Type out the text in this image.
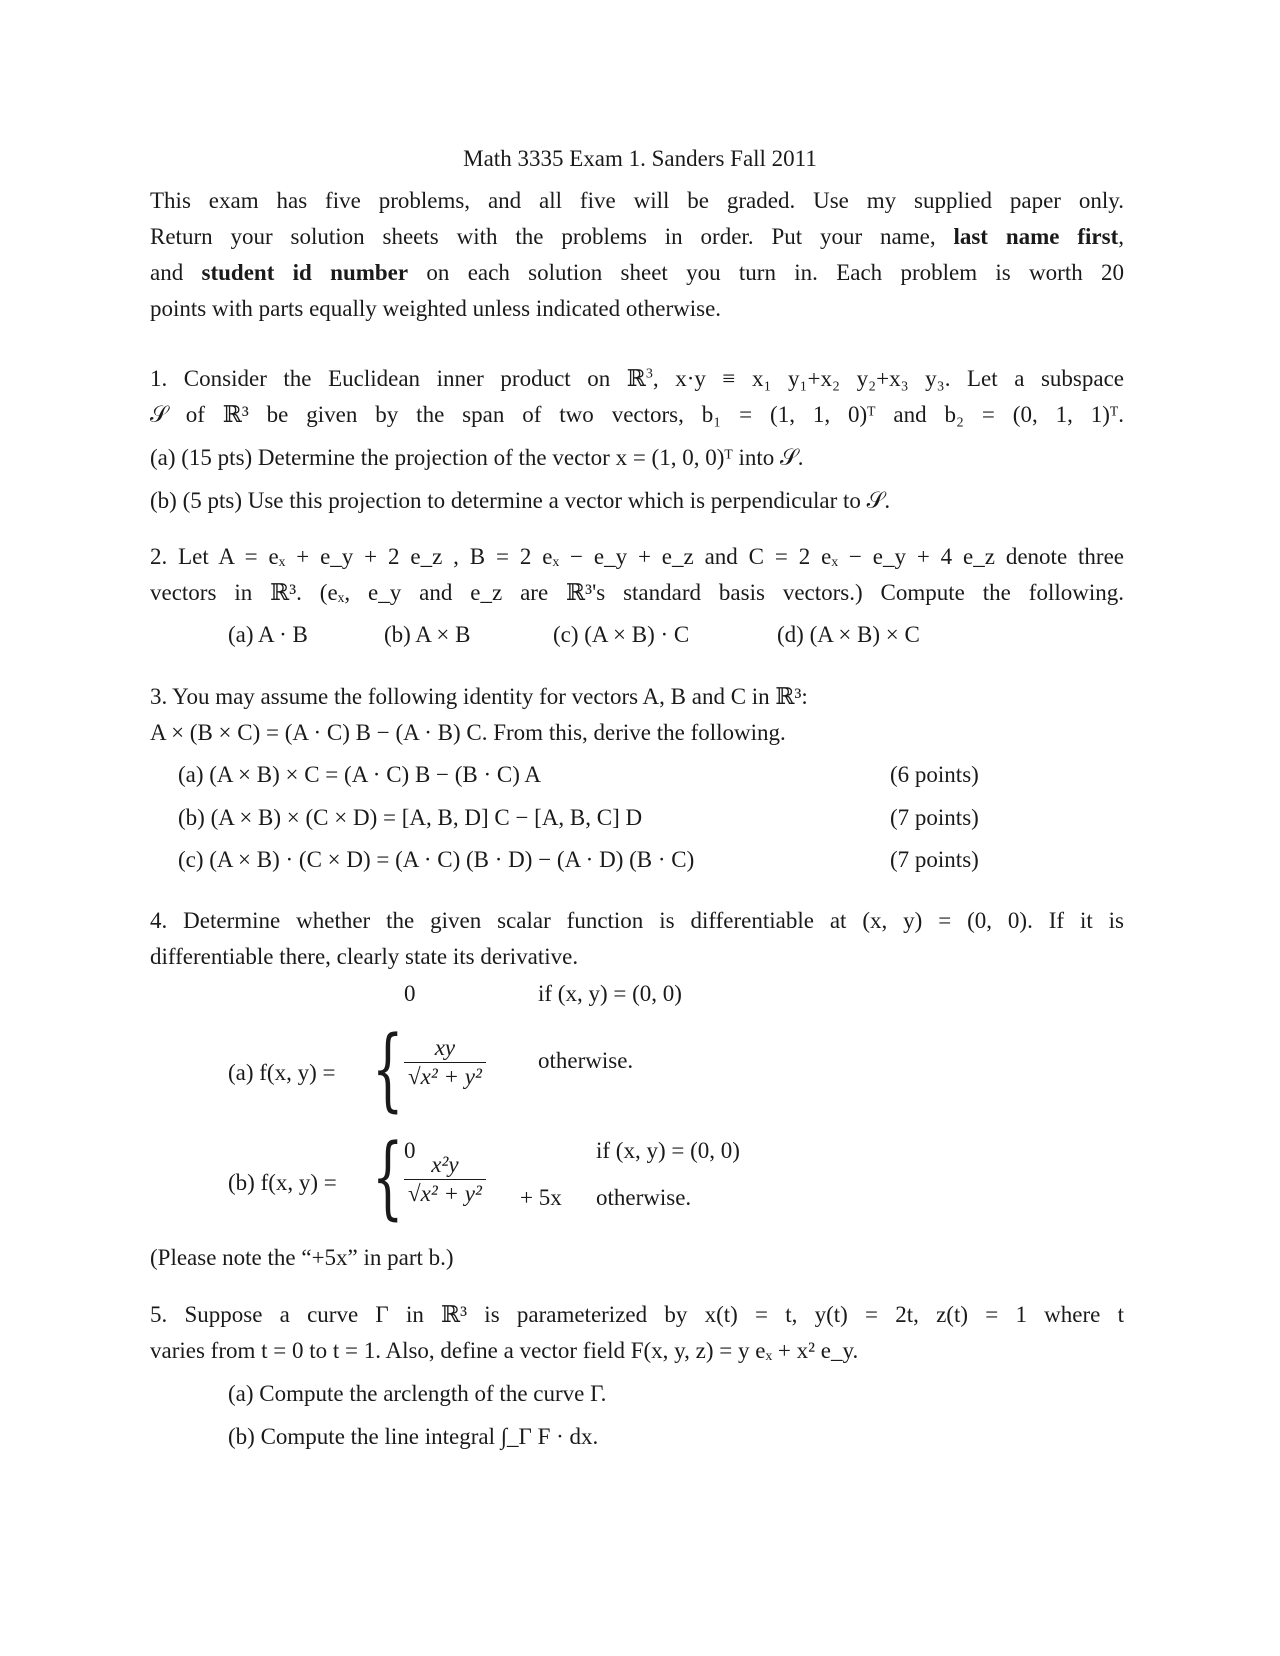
Math 3335 Exam 1. Sanders Fall 2011
This exam has five problems, and all five will be graded. Use my supplied paper only.
Return your solution sheets with the problems in order. Put your name, last name first,
and student id number on each solution sheet you turn in. Each problem is worth 20
points with parts equally weighted unless indicated otherwise.
1. Consider the Euclidean inner product on ℝ$^3$, x·y ≡ x₁ y₁+x₂ y₂+x₃ y₃. Let a subspace
𝒮 of ℝ³ be given by the span of two vectors, b₁ = (1, 1, 0)ᵀ and b₂ = (0, 1, 1)ᵀ.
(a) (15 pts) Determine the projection of the vector x = (1, 0, 0)ᵀ into 𝒮.
(b) (5 pts) Use this projection to determine a vector which is perpendicular to 𝒮.
2. Let A = eₓ + e_y + 2 e_z , B = 2 eₓ − e_y + e_z and C = 2 eₓ − e_y + 4 e_z denote three
vectors in ℝ³. (eₓ, e_y and e_z are ℝ³'s standard basis vectors.) Compute the following.
(a) A · B	(b) A × B	(c) (A × B) · C	(d) (A × B) × C
3. You may assume the following identity for vectors A, B and C in ℝ³:
A × (B × C) = (A · C) B − (A · B) C. From this, derive the following.
(a) (A × B) × C = (A · C) B − (B · C) A	(6 points)
(b) (A × B) × (C × D) = [A, B, D] C − [A, B, C] D	(7 points)
(c) (A × B) · (C × D) = (A · C) (B · D) − (A · D) (B · C)	(7 points)
4. Determine whether the given scalar function is differentiable at (x, y) = (0, 0). If it is
differentiable there, clearly state its derivative.
(a) f(x, y) = {
0	if (x, y) = (0, 0)
$\frac{xy}{\text{√x² + y²}}$ otherwise.
(b) f(x, y) = { 0	if (x, y) = (0, 0)
$\frac{\text{x²y}}{\text{√x² + y²}} + 5x$ otherwise.
(Please note the “+5x” in part b.)
5. Suppose a curve Γ in ℝ³ is parameterized by x(t) = t, y(t) = 2t, z(t) = 1 where t
varies from t = 0 to t = 1. Also, define a vector field F(x, y, z) = y eₓ + x² e_y.
(a) Compute the arclength of the curve Γ.
(b) Compute the line integral ∫_Γ F · dx.
